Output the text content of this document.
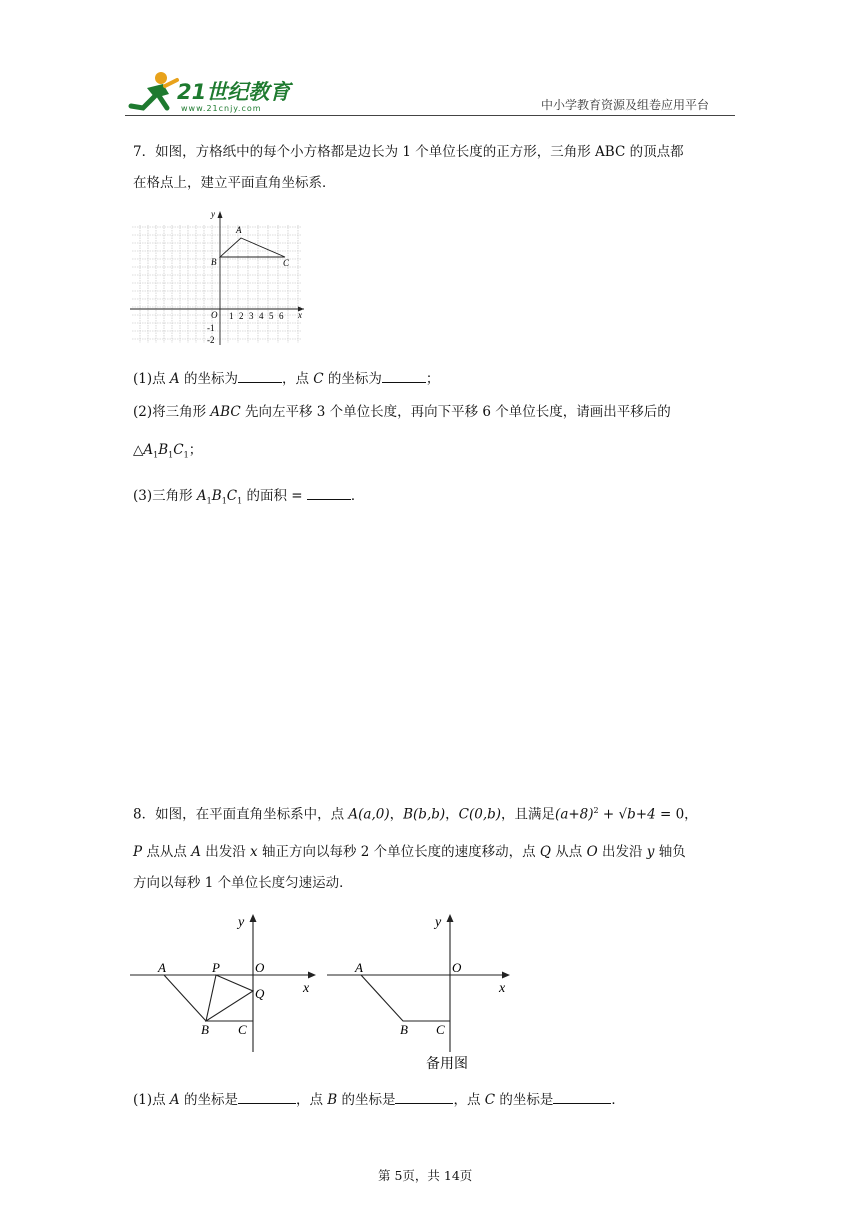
21世纪教育
www.21cnjy.com	中小学教育资源及组卷应用平台
7．如图，方格纸中的每个小方格都是边长为 1 个单位长度的正方形，三角形 ABC 的顶点都
在格点上，建立平面直角坐标系．
y
x
O
A
B	C
1 2 3 4 5 6
-1
-2
(1)点 A 的坐标为	，点 C 的坐标为	；
(2)将三角形 ABC 先向左平移 3 个单位长度，再向下平移 6 个单位长度，请画出平移后的
$\triangle A_1B_1C_1$；
(3)三角形 $A_1B_1C_1$ 的面积 =	．
8．如图，在平面直角坐标系中，点 A(a,0)，B(b,b)，C(0,b)，且满足$(a+8)^2 + √b+4 = 0$，
P 点从点 A 出发沿 x 轴正方向以每秒 2 个单位长度的速度移动，点 Q 从点 O 出发沿 y 轴负
方向以每秒 1 个单位长度匀速运动．
y
x
A	P	O
Q
B C
y
x
A	O
B C
备用图
(1)点 A 的坐标是	，点 B 的坐标是	，点 C 的坐标是	．
第 5页，共 14页
